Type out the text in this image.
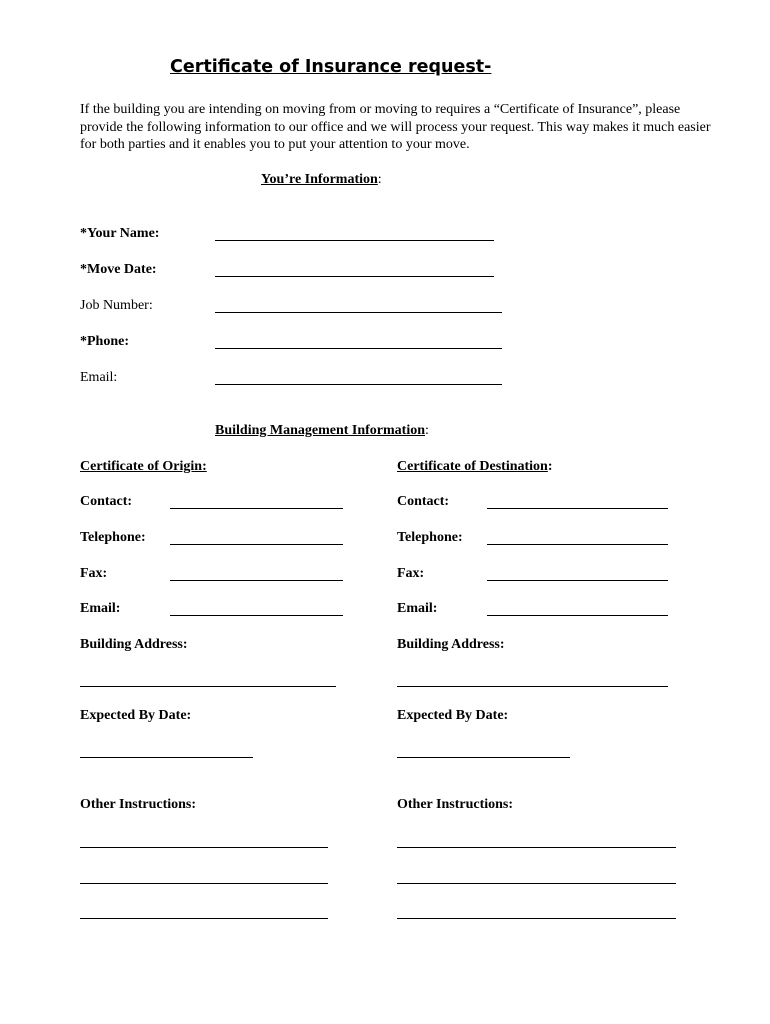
Certificate of Insurance request-
If the building you are intending on moving from or moving to requires a “Certificate of Insurance”, please provide the following information to our office and we will process your request. This way makes it much easier for both parties and it enables you to put your attention to your move.
You’re Information:
*Your Name:
*Move Date:
Job Number:
*Phone:
Email:
Building Management Information:
Certificate of Origin:
Contact:
Telephone:
Fax:
Email:
Building Address:
Expected By Date:
Other Instructions:
Certificate of Destination:
Contact:
Telephone:
Fax:
Email:
Building Address:
Expected By Date:
Other Instructions:
